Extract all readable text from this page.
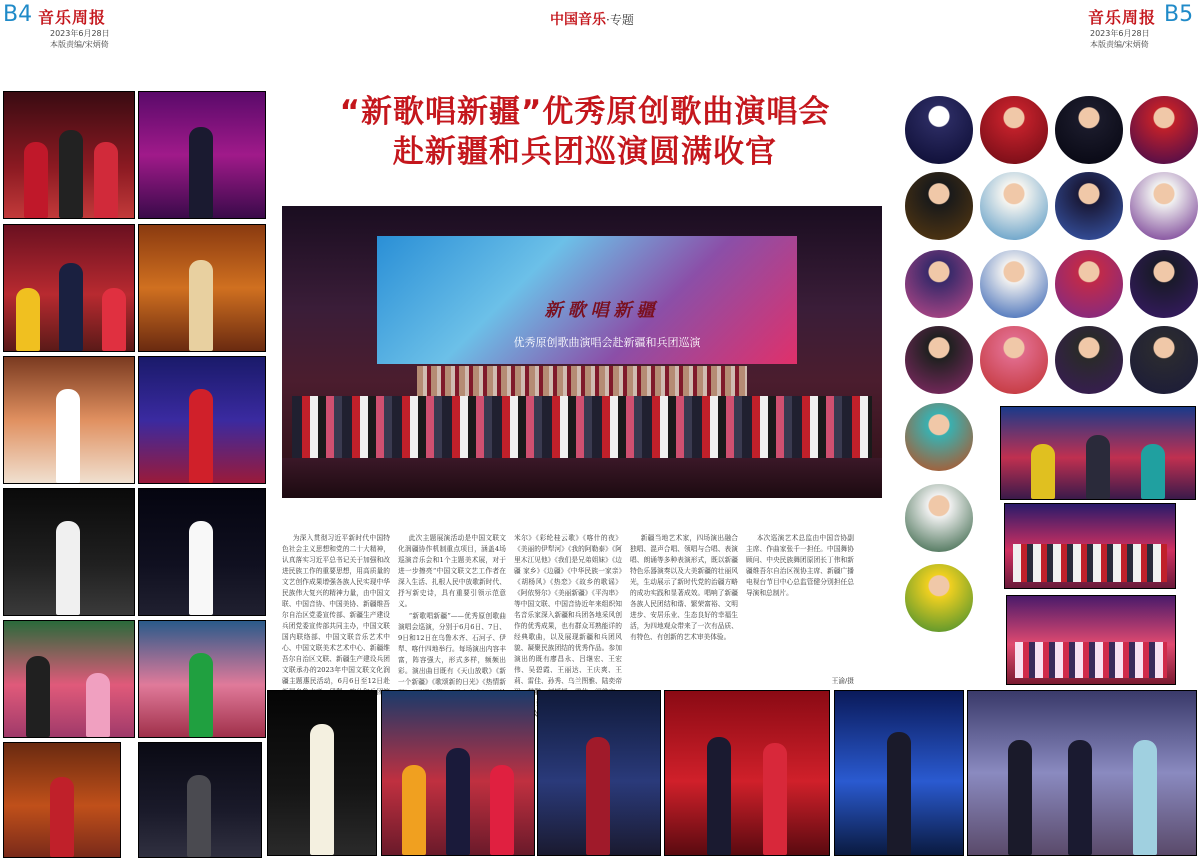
B4 音乐周报
2023年6月28日
本版责编/宋炳倚
中国音乐·专题	音乐周报 B5
2023年6月28日
本版责编/宋炳倚
“新歌唱新疆”优秀原创歌曲演唱会
赴新疆和兵团巡演圆满收官
新歌唱新疆
优秀原创歌曲演唱会赴新疆和兵团巡演

为深入贯彻习近平新时代中国特色社会主义思想和党的二十大精神，认真落实习近平总书记关于加强和改进民族工作的重要思想，用高质量的文艺创作成果增强各族人民实现中华民族伟大复兴的精神力量，由中国文联、中国音协、中国美协、新疆维吾尔自治区党委宣传部、新疆生产建设兵团党委宣传部共同主办，中国文联国内联络部、中国文联音乐艺术中心、中国文联美术艺术中心、新疆维吾尔自治区文联、新疆生产建设兵团文联承办的2023年中国文联文化润疆主题惠民活动，6月6日至12日赴 团

此次主题展演活动是中国文联文化润疆协作机制重点项目，涵盖4场巡演音乐会和1个主题美术展，对于进一步擦亮“中国文联文艺工作者在深入生活、扎根人民中放歌新时代、抒写新史诗，具有重要引领示范意义。

“新歌唱新疆”——优秀原创歌曲演唱会巡演，分别于6月6日、7日、9日和12日在乌鲁木齐、石河子、伊犁、喀什四地举行。每场演出内容丰富，阵容强大，形式多样，频频出彩。演出曲目既有《天山放歌》《新一个新疆》《歌颂新的日光》《热情新

米尔》《彩纶桂云歌》《喀什的夜》《美丽的伊犁河》《我的阿勒泰》《阿里木江见他》《我们是兄弟姐妹》《边疆 家乡》《边疆》《中华民族一家亲》《胡杨风》《热恋》《故乡的歌谣》《阿依努尔》《美丽新疆》《平沟串》等中国文联、中国音协近年来组织知名音乐家深入新疆和兵团各地采风创作的优秀成果，也有群众耳熟能详的经典歌曲，以及展现新疆和兵团风貌、凝聚民族团结的优秀作品。参加演出的既有廖昌永、吕继宏、王宏伟、吴碧霞、王丽达、王庆爽、王莉、雷佳、孙秀、乌兰图雅、陆奕帝

新疆当地艺术家，四场演出融合独唱、混声合唱、领唱与合唱、表演唱、朗诵等多种表演形式，既以新疆特色乐器演奏以及大美新疆的壮丽风光，生动展示了新时代党的治疆方略的成功实践和显著成效。唱响了新疆各族人民团结和谐、繁荣富裕、文明进步、安居乐业、生态良好的幸福生活，为四地观众带来了一次有品质、有特色、有创新的艺术审美体验。

本次巡演艺术总监由中国音协副主席、作曲家张千一担任。中国舞协顾问、中央民族舞团原团长丁伟和新疆维吾尔自治区视协主席、新疆广播电视台节目中心总监管健分别担任总导演和总制片。

王渝/摄
